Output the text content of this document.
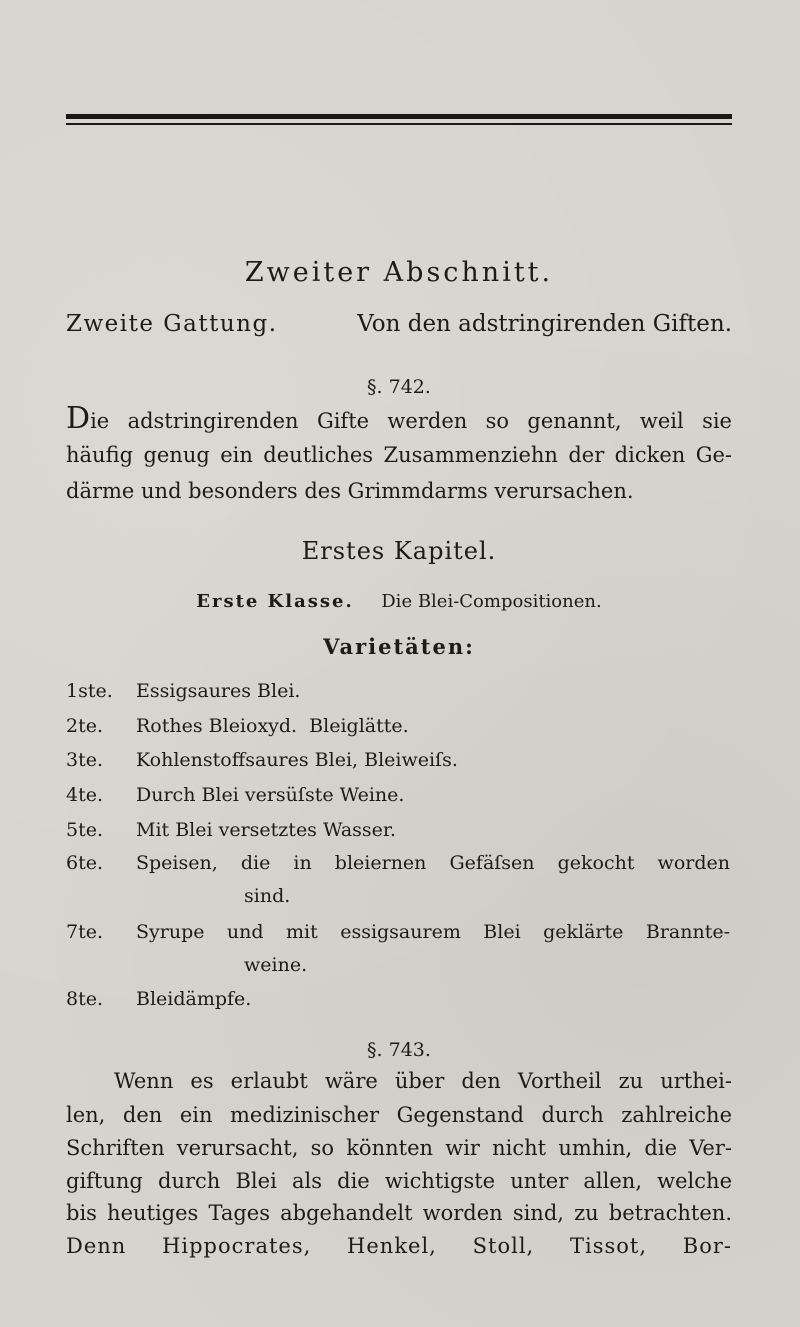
Zweiter Abschnitt.
Zweite Gattung.	Von den adstringirenden Giften.
§. 742.
Die adstringirenden Gifte werden so genannt, weil sie
häufig genug ein deutliches Zusammenziehn der dicken Ge-
därme und besonders des Grimmdarms verursachen.
Erstes Kapitel.
Erste Klasse. Die Blei-Compositionen.
Varietäten:
1ste.	Essigsaures Blei.
2te.	Rothes Bleioxyd.  Bleiglätte.
3te.	Kohlenstoffsaures Blei, Bleiweiſs.
4te.	Durch Blei versüſste Weine.
5te.	Mit Blei versetztes Wasser.
6te.	Speisen, die in bleiernen Gefäſsen gekocht worden
sind.
7te.	Syrupe und mit essigsaurem Blei geklärte Brannte-
weine.
8te.	Bleidämpfe.
§. 743.
Wenn es erlaubt wäre über den Vortheil zu urthei-
len, den ein medizinischer Gegenstand durch zahlreiche
Schriften verursacht, so könnten wir nicht umhin, die Ver-
giftung durch Blei als die wichtigste unter allen, welche
bis heutiges Tages abgehandelt worden sind, zu betrachten.
Denn Hippocrates, Henkel, Stoll, Tissot, Bor-
